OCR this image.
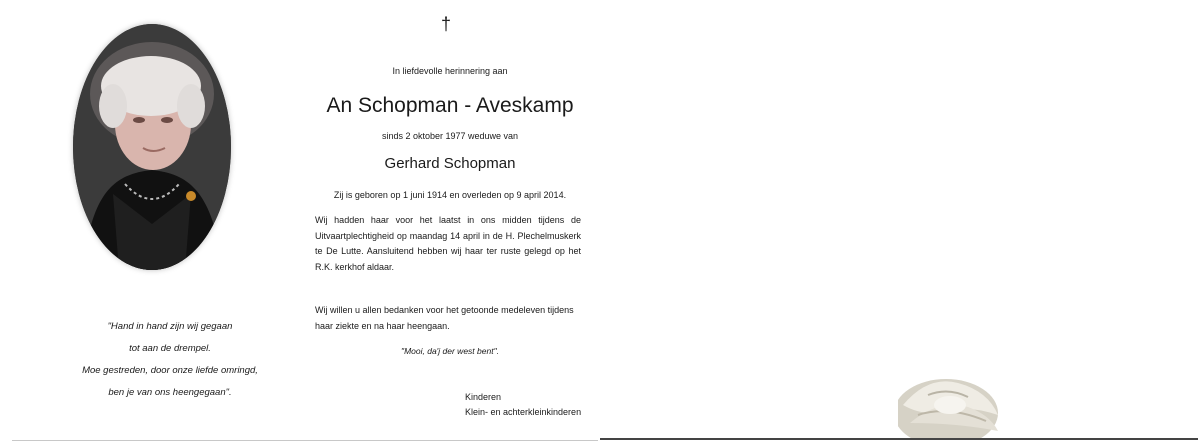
"Hand in hand zijn wij gegaan
tot aan de drempel.
Moe gestreden, door onze liefde omringd,
ben je van ons heengegaan".
†
In liefdevolle herinnering aan
An Schopman - Aveskamp
sinds 2 oktober 1977 weduwe van
Gerhard Schopman
Zij is geboren op 1 juni 1914 en overleden op 9 april 2014.
Wij hadden haar voor het laatst in ons midden tijdens de Uitvaartplechtigheid op maandag 14 april in de H. Plechelmuskerk te De Lutte. Aansluitend hebben wij haar ter ruste gelegd op het R.K. kerkhof aldaar.
Wij willen u allen bedanken voor het getoonde medeleven tijdens haar ziekte en na haar heengaan.
"Mooi, da'j der west bent".
Kinderen
Klein- en achterkleinkinderen
